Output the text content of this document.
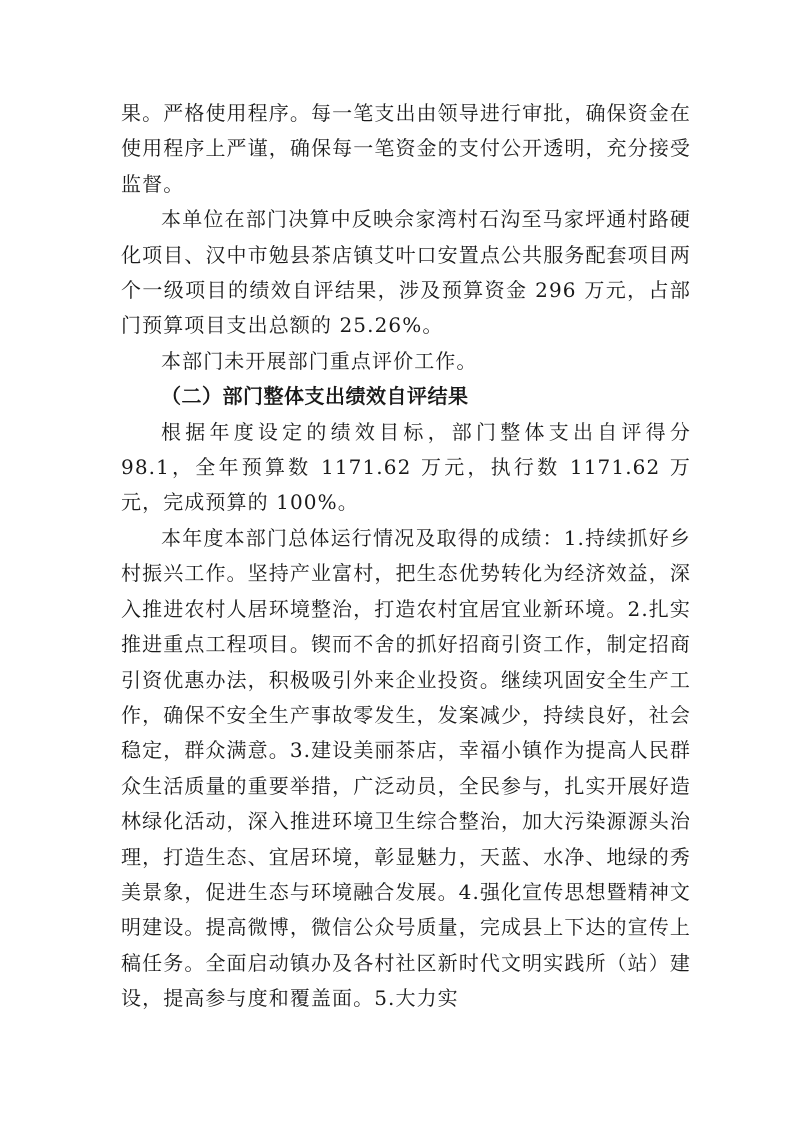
果。严格使用程序。每一笔支出由领导进行审批，确保资金在使用程序上严谨，确保每一笔资金的支付公开透明，充分接受监督。

本单位在部门决算中反映佘家湾村石沟至马家坪通村路硬化项目、汉中市勉县茶店镇艾叶口安置点公共服务配套项目两个一级项目的绩效自评结果，涉及预算资金 296 万元，占部门预算项目支出总额的 25.26%。

本部门未开展部门重点评价工作。

（二）部门整体支出绩效自评结果

根据年度设定的绩效目标，部门整体支出自评得分 98.1，全年预算数 1171.62 万元，执行数 1171.62 万元，完成预算的 100%。

本年度本部门总体运行情况及取得的成绩：1.持续抓好乡村振兴工作。坚持产业富村，把生态优势转化为经济效益，深入推进农村人居环境整治，打造农村宜居宜业新环境。2.扎实推进重点工程项目。锲而不舍的抓好招商引资工作，制定招商引资优惠办法，积极吸引外来企业投资。继续巩固安全生产工作，确保不安全生产事故零发生，发案减少，持续良好，社会稳定，群众满意。3.建设美丽茶店，幸福小镇作为提高人民群众生活质量的重要举措，广泛动员，全民参与，扎实开展好造林绿化活动，深入推进环境卫生综合整治，加大污染源源头治理，打造生态、宜居环境，彰显魅力，天蓝、水净、地绿的秀美景象，促进生态与环境融合发展。4.强化宣传思想暨精神文明建设。提高微博，微信公众号质量，完成县上下达的宣传上稿任务。全面启动镇办及各村社区新时代文明实践所（站）建设，提高参与度和覆盖面。5.大力实
